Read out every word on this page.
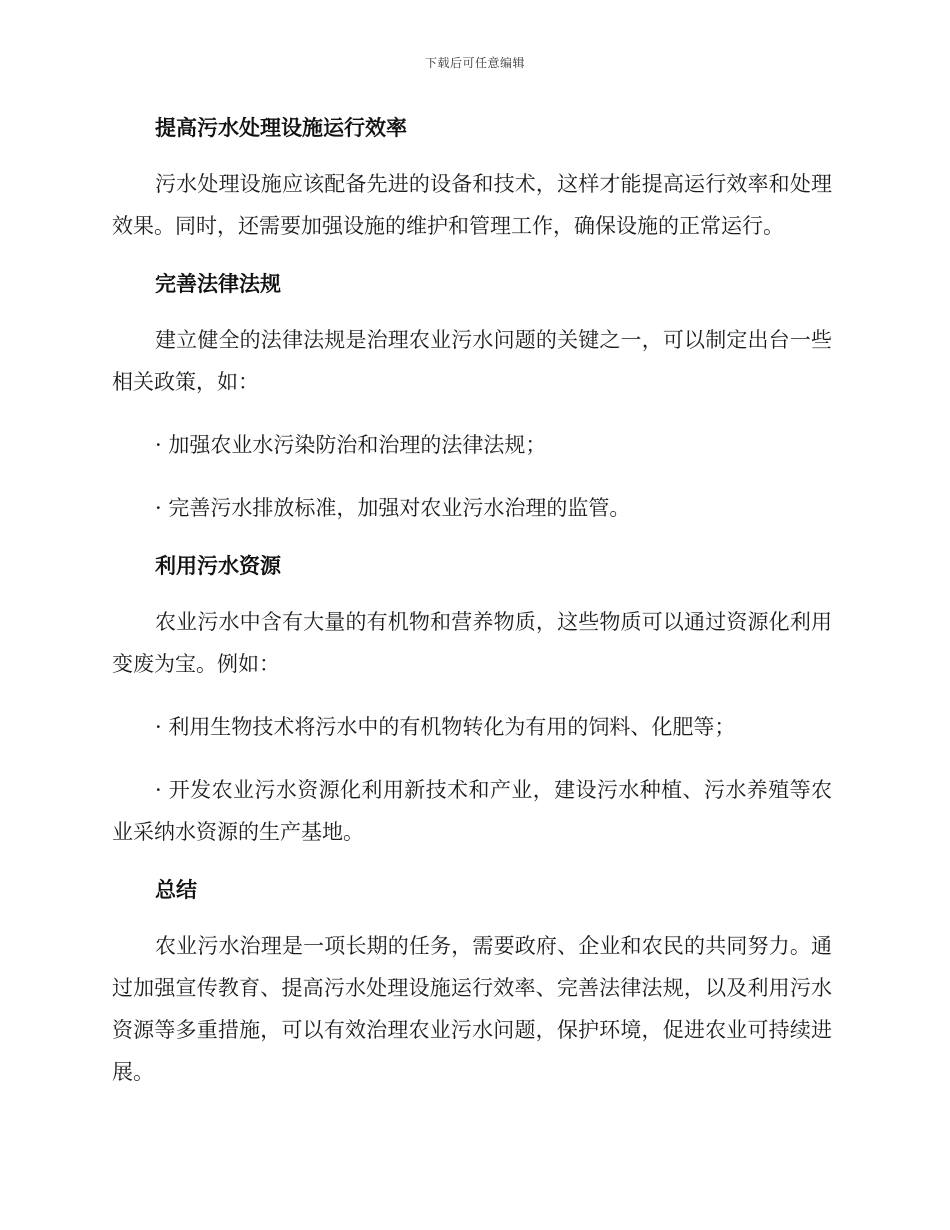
下载后可任意编辑
提高污水处理设施运行效率

污水处理设施应该配备先进的设备和技术，这样才能提高运行效率和处理效果。同时，还需要加强设施的维护和管理工作，确保设施的正常运行。

完善法律法规

建立健全的法律法规是治理农业污水问题的关键之一，可以制定出台一些相关政策，如：

· 加强农业水污染防治和治理的法律法规；

· 完善污水排放标准，加强对农业污水治理的监管。

利用污水资源

农业污水中含有大量的有机物和营养物质，这些物质可以通过资源化利用变废为宝。例如：

· 利用生物技术将污水中的有机物转化为有用的饲料、化肥等；

· 开发农业污水资源化利用新技术和产业，建设污水种植、污水养殖等农业采纳水资源的生产基地。

总结

农业污水治理是一项长期的任务，需要政府、企业和农民的共同努力。通过加强宣传教育、提高污水处理设施运行效率、完善法律法规，以及利用污水资源等多重措施，可以有效治理农业污水问题，保护环境，促进农业可持续进展。
